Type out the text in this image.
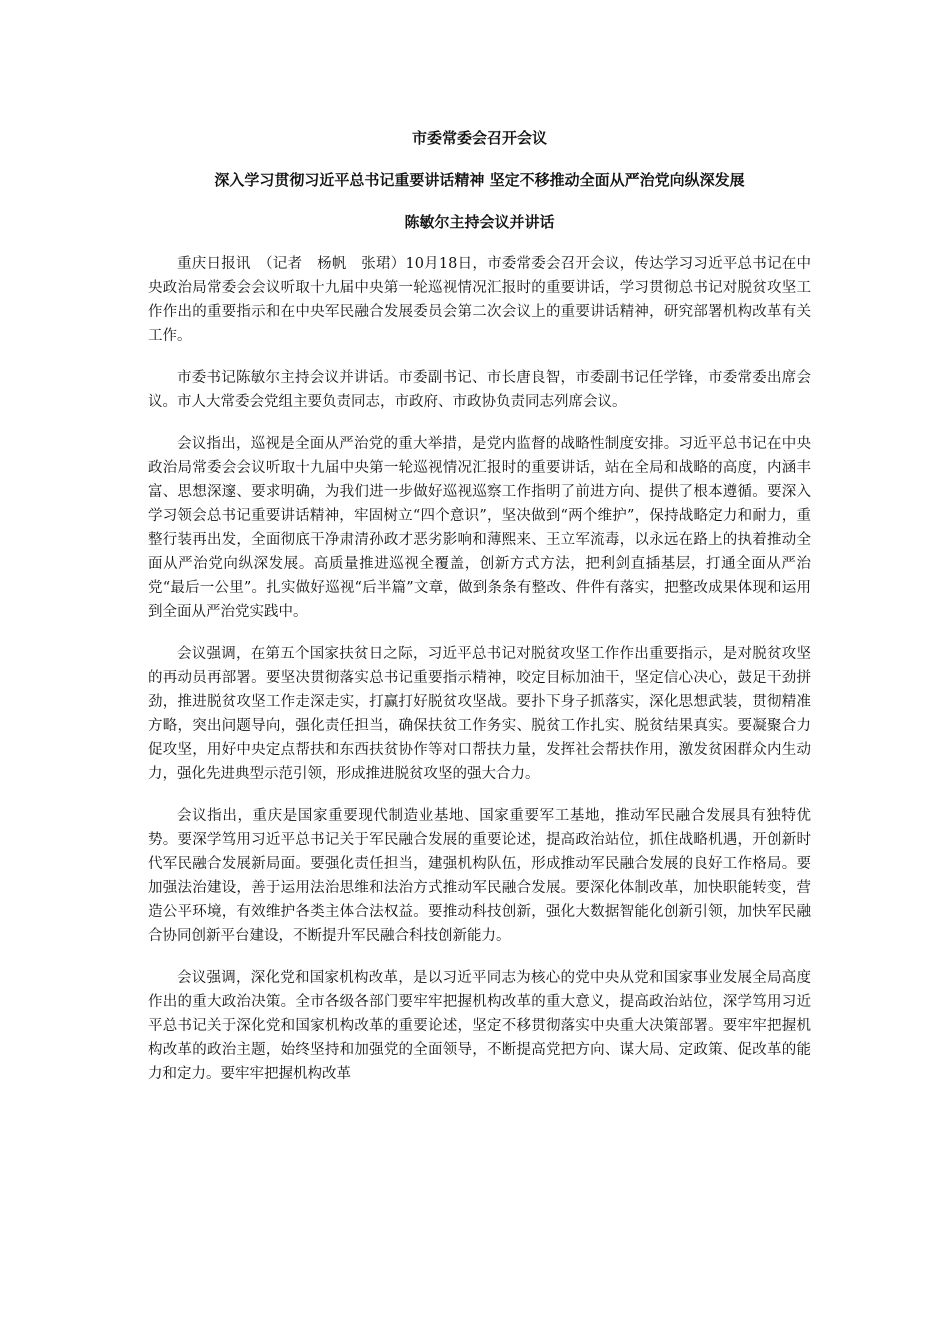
市委常委会召开会议
深入学习贯彻习近平总书记重要讲话精神 坚定不移推动全面从严治党向纵深发展
陈敏尔主持会议并讲话

重庆日报讯　（记者　杨帆　张珺）10月18日，市委常委会召开会议，传达学习习近平总书记在中央政治局常委会会议听取十九届中央第一轮巡视情况汇报时的重要讲话，学习贯彻总书记对脱贫攻坚工作作出的重要指示和在中央军民融合发展委员会第二次会议上的重要讲话精神，研究部署机构改革有关工作。

市委书记陈敏尔主持会议并讲话。市委副书记、市长唐良智，市委副书记任学锋，市委常委出席会议。市人大常委会党组主要负责同志，市政府、市政协负责同志列席会议。

会议指出，巡视是全面从严治党的重大举措，是党内监督的战略性制度安排。习近平总书记在中央政治局常委会会议听取十九届中央第一轮巡视情况汇报时的重要讲话，站在全局和战略的高度，内涵丰富、思想深邃、要求明确，为我们进一步做好巡视巡察工作指明了前进方向、提供了根本遵循。要深入学习领会总书记重要讲话精神，牢固树立“四个意识”，坚决做到“两个维护”，保持战略定力和耐力，重整行装再出发，全面彻底干净肃清孙政才恶劣影响和薄熙来、王立军流毒，以永远在路上的执着推动全面从严治党向纵深发展。高质量推进巡视全覆盖，创新方式方法，把利剑直插基层，打通全面从严治党“最后一公里”。扎实做好巡视“后半篇”文章，做到条条有整改、件件有落实，把整改成果体现和运用到全面从严治党实践中。

会议强调，在第五个国家扶贫日之际，习近平总书记对脱贫攻坚工作作出重要指示，是对脱贫攻坚的再动员再部署。要坚决贯彻落实总书记重要指示精神，咬定目标加油干，坚定信心决心，鼓足干劲拼劲，推进脱贫攻坚工作走深走实，打赢打好脱贫攻坚战。要扑下身子抓落实，深化思想武装，贯彻精准方略，突出问题导向，强化责任担当，确保扶贫工作务实、脱贫工作扎实、脱贫结果真实。要凝聚合力促攻坚，用好中央定点帮扶和东西扶贫协作等对口帮扶力量，发挥社会帮扶作用，激发贫困群众内生动力，强化先进典型示范引领，形成推进脱贫攻坚的强大合力。

会议指出，重庆是国家重要现代制造业基地、国家重要军工基地，推动军民融合发展具有独特优势。要深学笃用习近平总书记关于军民融合发展的重要论述，提高政治站位，抓住战略机遇，开创新时代军民融合发展新局面。要强化责任担当，建强机构队伍，形成推动军民融合发展的良好工作格局。要加强法治建设，善于运用法治思维和法治方式推动军民融合发展。要深化体制改革，加快职能转变，营造公平环境，有效维护各类主体合法权益。要推动科技创新，强化大数据智能化创新引领，加快军民融合协同创新平台建设，不断提升军民融合科技创新能力。

会议强调，深化党和国家机构改革，是以习近平同志为核心的党中央从党和国家事业发展全局高度作出的重大政治决策。全市各级各部门要牢牢把握机构改革的重大意义，提高政治站位，深学笃用习近平总书记关于深化党和国家机构改革的重要论述，坚定不移贯彻落实中央重大决策部署。要牢牢把握机构改革的政治主题，始终坚持和加强党的全面领导，不断提高党把方向、谋大局、定政策、促改革的能力和定力。要牢牢把握机构改革
